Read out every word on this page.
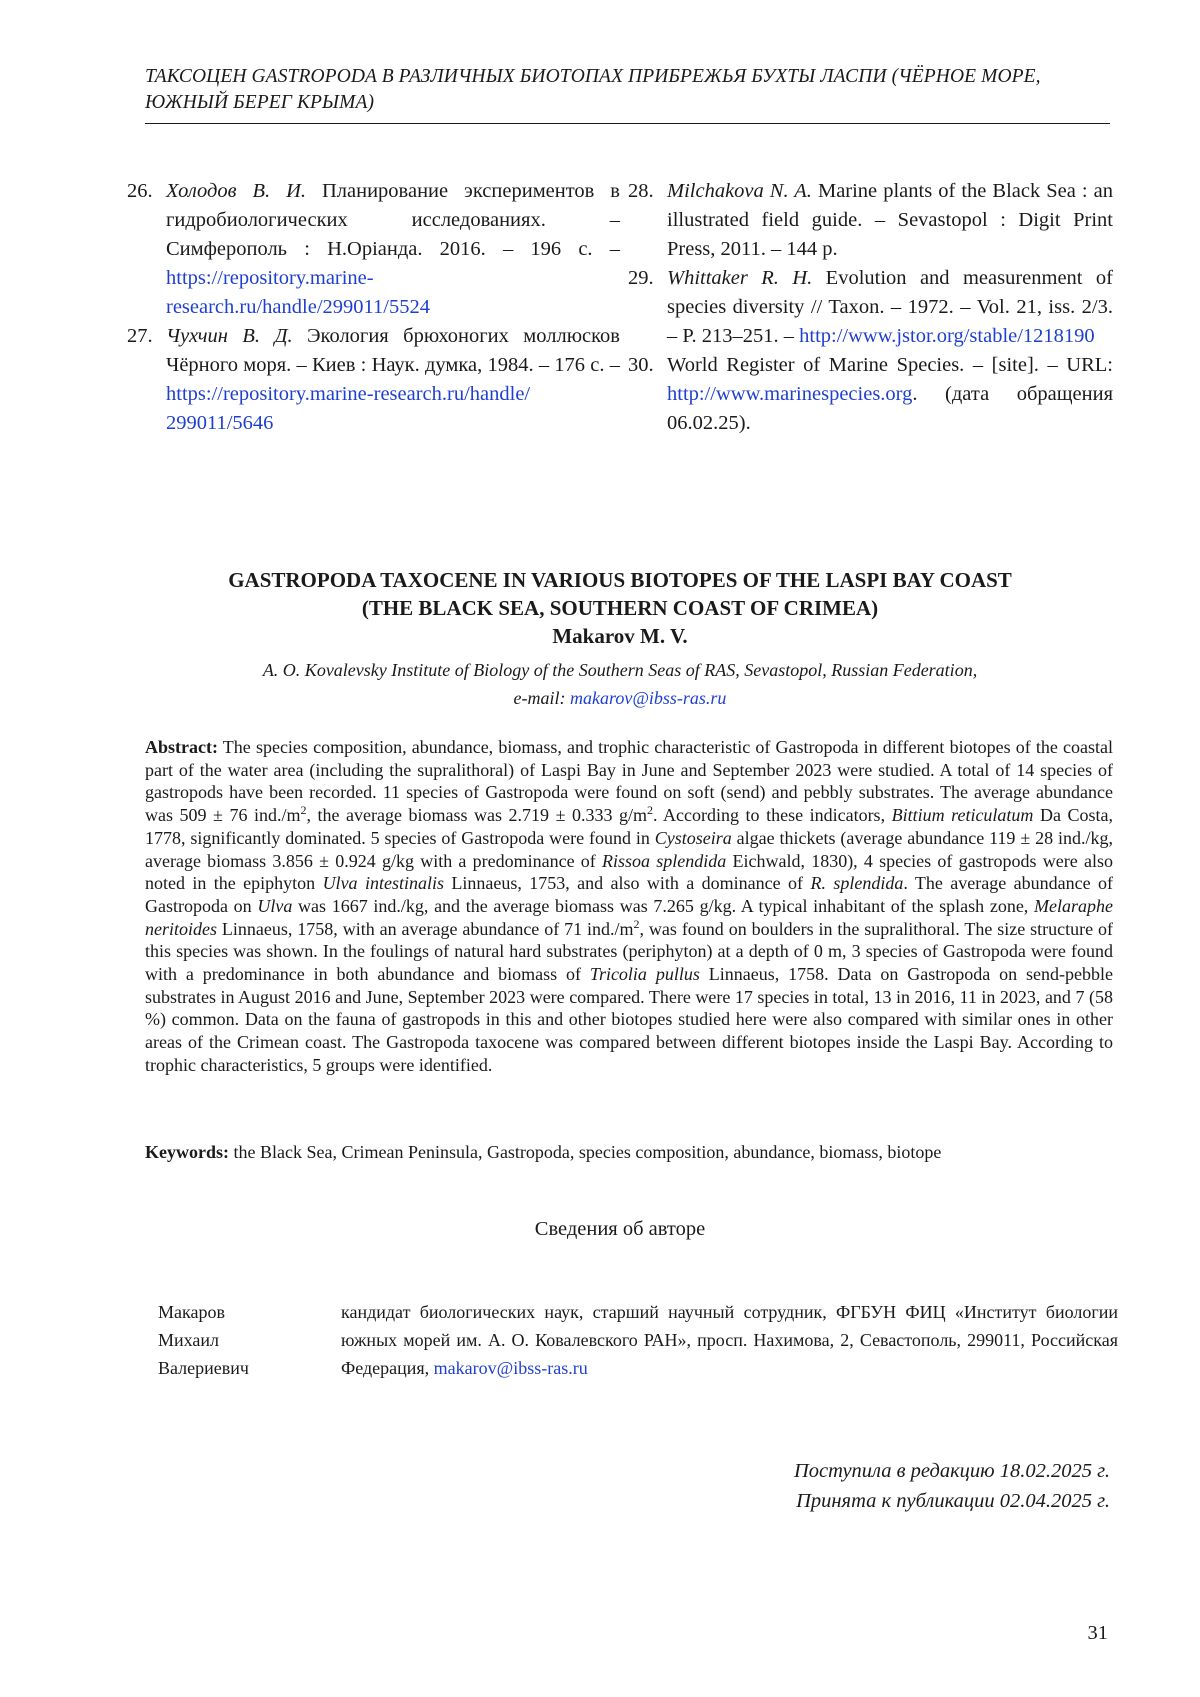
ТАКСОЦЕН GASTROPODA В РАЗЛИЧНЫХ БИОТОПАХ ПРИБРЕЖЬЯ БУХТЫ ЛАСПИ (ЧЁРНОЕ МОРЕ, ЮЖНЫЙ БЕРЕГ КРЫМА)
26. Холодов В. И. Планирование экспериментов в гидробиологических исследованиях. – Симферополь : Н.Оріанда. 2016. – 196 с. – https://repository.marine-research.ru/handle/299011/5524
27. Чухчин В. Д. Экология брюхоногих моллюсков Чёрного моря. – Киев : Наук. думка, 1984. – 176 с. – https://repository.marine-research.ru/handle/ 299011/5646
28. Milchakova N. A. Marine plants of the Black Sea : an illustrated field guide. – Sevastopol : Digit Print Press, 2011. – 144 p.
29. Whittaker R. H. Evolution and measurenment of species diversity // Taxon. – 1972. – Vol. 21, iss. 2/3. – P. 213–251. – http://www.jstor.org/stable/1218190
30. World Register of Marine Species. – [site]. – URL: http://www.marinespecies.org. (дата обращения 06.02.25).
GASTROPODA TAXOCENE IN VARIOUS BIOTOPES OF THE LASPI BAY COAST
(THE BLACK SEA, SOUTHERN COAST OF CRIMEA)
Makarov M. V.
A. O. Kovalevsky Institute of Biology of the Southern Seas of RAS, Sevastopol, Russian Federation,
e-mail: makarov@ibss-ras.ru
Abstract: The species composition, abundance, biomass, and trophic characteristic of Gastropoda in different biotopes of the coastal part of the water area (including the supralithoral) of Laspi Bay in June and September 2023 were studied. A total of 14 species of gastropods have been recorded. 11 species of Gastropoda were found on soft (send) and pebbly substrates. The average abundance was 509 ± 76 $ind./m^2$, the average biomass was 2.719 ± 0.333 $g/m^2$. According to these indicators, Bittium reticulatum Da Costa, 1778, significantly dominated. 5 species of Gastropoda were found in Cystoseira algae thickets (average abundance 119 ± 28 ind./kg, average biomass 3.856 ± 0.924 g/kg with a predominance of Rissoa splendida Eichwald, 1830), 4 species of gastropods were also noted in the epiphyton Ulva intestinalis Linnaeus, 1753, and also with a dominance of R. splendida. The average abundance of Gastropoda on Ulva was 1667 ind./kg, and the average biomass was 7.265 g/kg. A typical inhabitant of the splash zone, Melaraphe neritoides Linnaeus, 1758, with an average abundance of 71 $ind./m^2$, was found on boulders in the supralithoral. The size structure of this species was shown. In the foulings of natural hard substrates (periphyton) at a depth of 0 m, 3 species of Gastropoda were found with a predominance in both abundance and biomass of Tricolia pullus Linnaeus, 1758. Data on Gastropoda on send-pebble substrates in August 2016 and June, September 2023 were compared. There were 17 species in total, 13 in 2016, 11 in 2023, and 7 (58 %) common. Data on the fauna of gastropods in this and other biotopes studied here were also compared with similar ones in other areas of the Crimean coast. The Gastropoda taxocene was compared between different biotopes inside the Laspi Bay. According to trophic characteristics, 5 groups were identified.
Keywords: the Black Sea, Crimean Peninsula, Gastropoda, species composition, abundance, biomass, biotope
Сведения об авторе
Макаров
Михаил
Валериевич
кандидат биологических наук, старший научный сотрудник, ФГБУН ФИЦ «Институт биологии южных морей им. А. О. Ковалевского РАН», просп. Нахимова, 2, Севастополь, 299011, Российская Федерация, makarov@ibss-ras.ru
Поступила в редакцию 18.02.2025 г.
Принята к публикации 02.04.2025 г.
31
